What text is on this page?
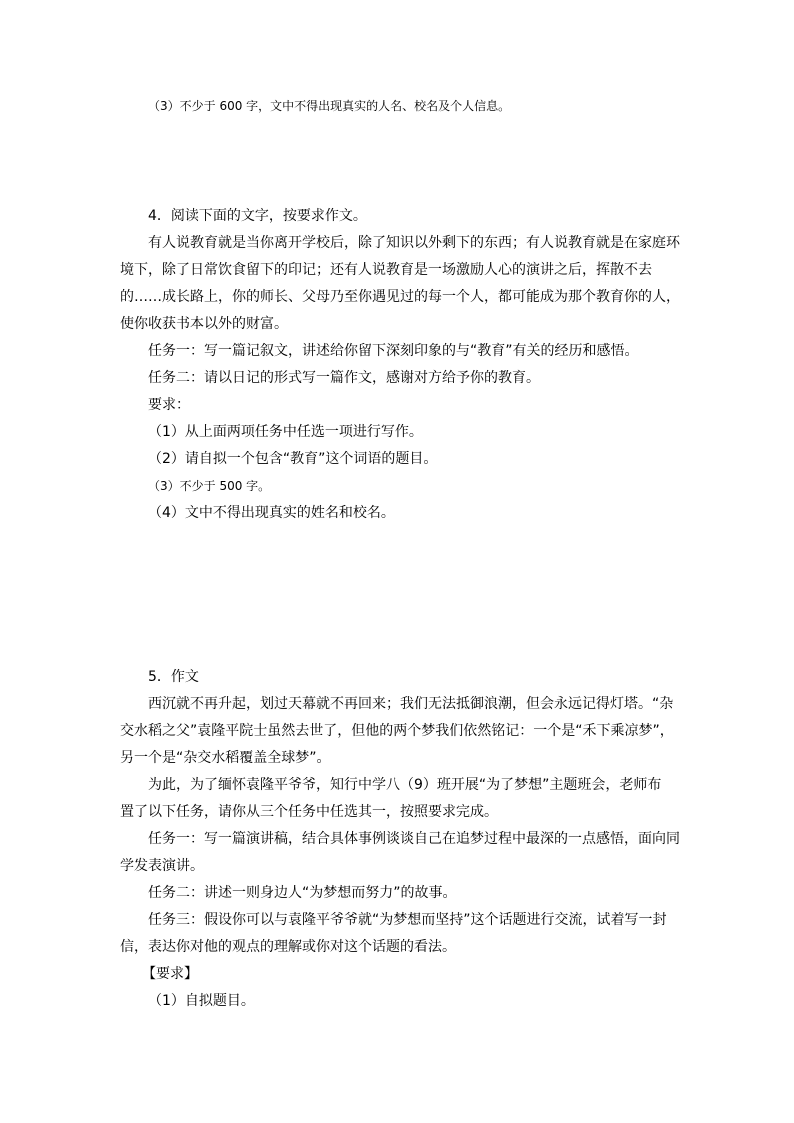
（3）不少于 600 字，文中不得出现真实的人名、校名及个人信息。
4．阅读下面的文字，按要求作文。
有人说教育就是当你离开学校后，除了知识以外剩下的东西；有人说教育就是在家庭环
境下，除了日常饮食留下的印记；还有人说教育是一场激励人心的演讲之后，挥散不去
的……成长路上，你的师长、父母乃至你遇见过的每一个人，都可能成为那个教育你的人，
使你收获书本以外的财富。
任务一：写一篇记叙文，讲述给你留下深刻印象的与“教育”有关的经历和感悟。
任务二：请以日记的形式写一篇作文，感谢对方给予你的教育。
要求：
（1）从上面两项任务中任选一项进行写作。
（2）请自拟一个包含“教育”这个词语的题目。
（3）不少于 500 字。
（4）文中不得出现真实的姓名和校名。
5．作文
西沉就不再升起，划过天幕就不再回来；我们无法抵御浪潮，但会永远记得灯塔。“杂
交水稻之父”袁隆平院士虽然去世了，但他的两个梦我们依然铭记：一个是“禾下乘凉梦”，
另一个是“杂交水稻覆盖全球梦”。
为此，为了缅怀袁隆平爷爷，知行中学八（9）班开展“为了梦想”主题班会，老师布
置了以下任务，请你从三个任务中任选其一，按照要求完成。
任务一：写一篇演讲稿，结合具体事例谈谈自己在追梦过程中最深的一点感悟，面向同
学发表演讲。
任务二：讲述一则身边人“为梦想而努力”的故事。
任务三：假设你可以与袁隆平爷爷就“为梦想而坚持”这个话题进行交流，试着写一封
信，表达你对他的观点的理解或你对这个话题的看法。
【要求】
（1）自拟题目。
